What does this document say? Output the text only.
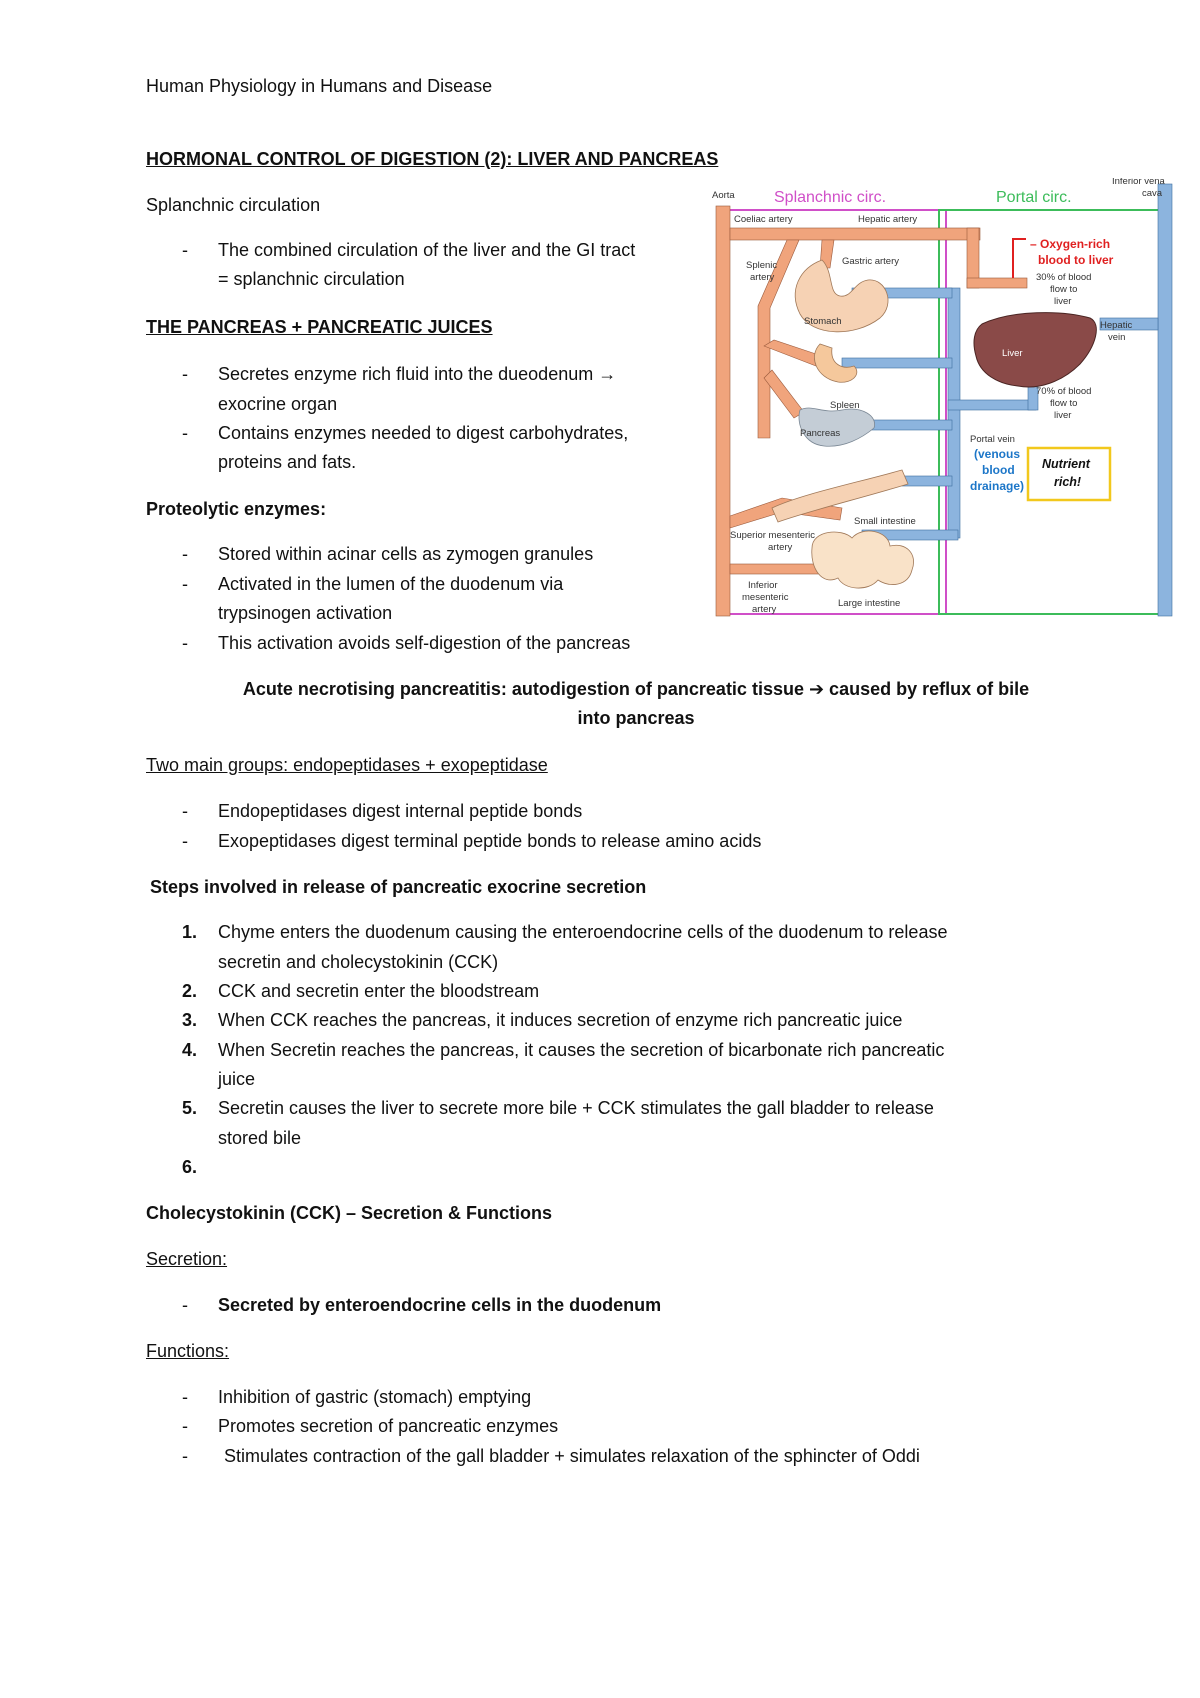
Human Physiology in Humans and Disease
HORMONAL CONTROL OF DIGESTION (2): LIVER AND PANCREAS
Splanchnic circulation
- The combined circulation of the liver and the GI tract
= splanchnic circulation
THE PANCREAS + PANCREATIC JUICES
- Secretes enzyme rich fluid into the dueodenum →
exocrine organ
- Contains enzymes needed to digest carbohydrates,
proteins and fats.
Proteolytic enzymes:
- Stored within acinar cells as zymogen granules
- Activated in the lumen of the duodenum via
trypsinogen activation
- This activation avoids self-digestion of the pancreas
Acute necrotising pancreatitis: autodigestion of pancreatic tissue ➔ caused by reflux of bile
into pancreas
Two main groups: endopeptidases + exopeptidase
- Endopeptidases digest internal peptide bonds
- Exopeptidases digest terminal peptide bonds to release amino acids
Steps involved in release of pancreatic exocrine secretion
1. Chyme enters the duodenum causing the enteroendocrine cells of the duodenum to release
secretin and cholecystokinin (CCK)
2. CCK and secretin enter the bloodstream
3. When CCK reaches the pancreas, it induces secretion of enzyme rich pancreatic juice
4. When Secretin reaches the pancreas, it causes the secretion of bicarbonate rich pancreatic
juice
5. Secretin causes the liver to secrete more bile + CCK stimulates the gall bladder to release
stored bile
6.
Cholecystokinin (CCK) – Secretion & Functions
Secretion:
- Secreted by enteroendocrine cells in the duodenum
Functions:
- Inhibition of gastric (stomach) emptying
- Promotes secretion of pancreatic enzymes
- Stimulates contraction of the gall bladder + simulates relaxation of the sphincter of Oddi
Splanchnic circ.	Portal circ.
Aorta
Inferior vena
cava
Coeliac artery	Hepatic artery
Splenic
artery
Gastric artery
Stomach
Spleen
Pancreas
Small intestine
Superior mesenteric
artery
Inferior
mesenteric
artery
Large intestine
30% of blood
flow to
liver
Hepatic
vein
70% of blood
flow to
liver
Portal vein
Liver
– Oxygen-rich
blood to liver
(venous
blood
drainage)
Nutrient
rich!
